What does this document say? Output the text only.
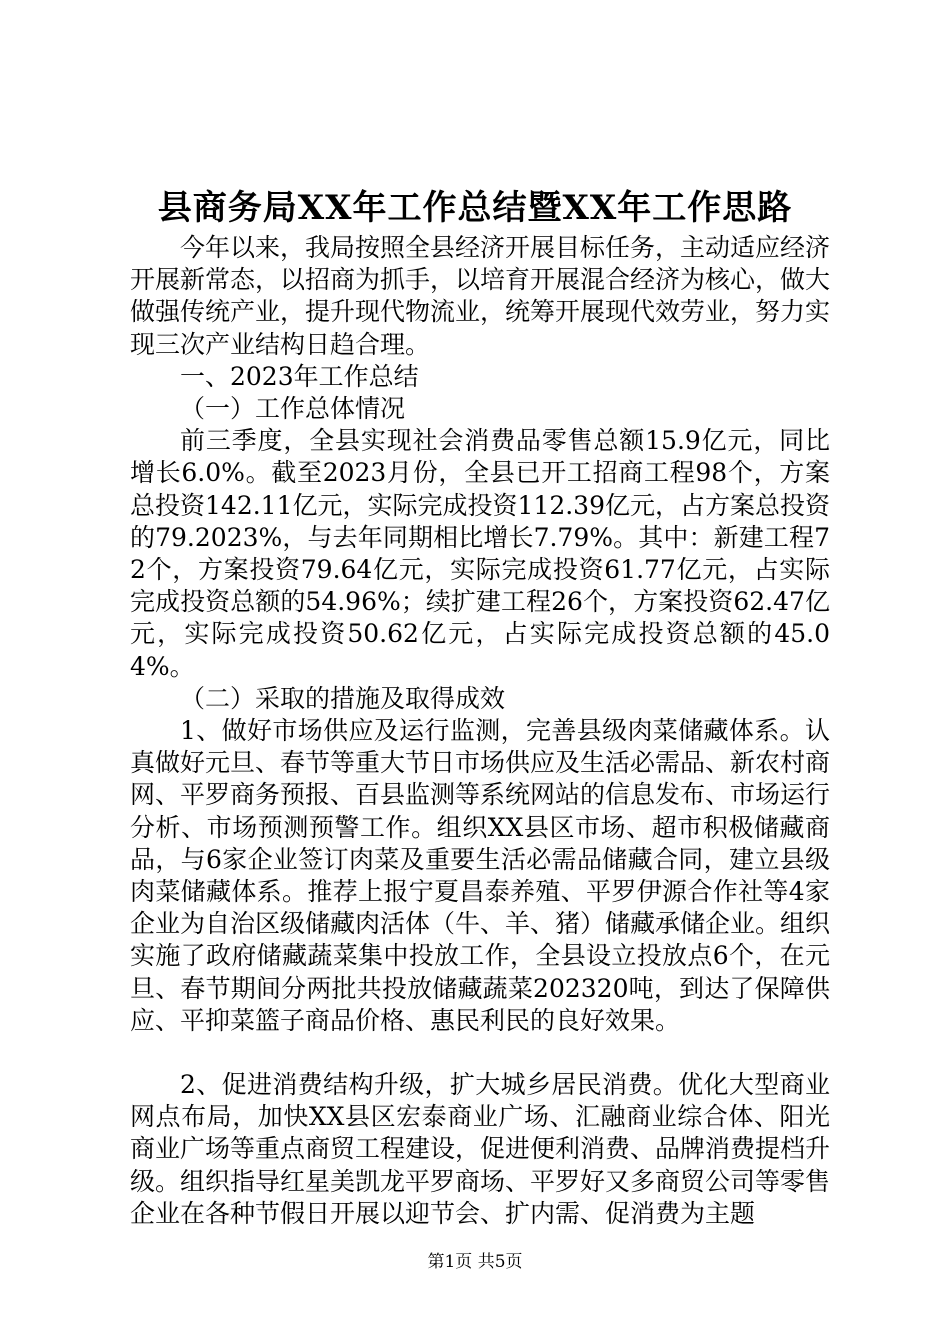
县商务局XX年工作总结暨XX年工作思路

今年以来，我局按照全县经济开展目标任务，主动适应经济开展新常态，以招商为抓手，以培育开展混合经济为核心，做大做强传统产业，提升现代物流业，统筹开展现代效劳业，努力实现三次产业结构日趋合理。

一、2023年工作总结

（一）工作总体情况

前三季度，全县实现社会消费品零售总额15.9亿元，同比增长6.0%。截至2023月份，全县已开工招商工程98个，方案总投资142.11亿元，实际完成投资112.39亿元，占方案总投资的79.2023%，与去年同期相比增长7.79%。其中：新建工程72个，方案投资79.64亿元，实际完成投资61.77亿元，占实际完成投资总额的54.96%；续扩建工程26个，方案投资62.47亿元，实际完成投资50.62亿元，占实际完成投资总额的45.04%。

（二）采取的措施及取得成效

1、做好市场供应及运行监测，完善县级肉菜储藏体系。认真做好元旦、春节等重大节日市场供应及生活必需品、新农村商网、平罗商务预报、百县监测等系统网站的信息发布、市场运行分析、市场预测预警工作。组织XX县区市场、超市积极储藏商品，与6家企业签订肉菜及重要生活必需品储藏合同，建立县级肉菜储藏体系。推荐上报宁夏昌泰养殖、平罗伊源合作社等4家企业为自治区级储藏肉活体（牛、羊、猪）储藏承储企业。组织实施了政府储藏蔬菜集中投放工作，全县设立投放点6个，在元旦、春节期间分两批共投放储藏蔬菜202320吨，到达了保障供应、平抑菜篮子商品价格、惠民利民的良好效果。

2、促进消费结构升级，扩大城乡居民消费。优化大型商业网点布局，加快XX县区宏泰商业广场、汇融商业综合体、阳光商业广场等重点商贸工程建设，促进便利消费、品牌消费提档升级。组织指导红星美凯龙平罗商场、平罗好又多商贸公司等零售企业在各种节假日开展以迎节会、扩内需、促消费为主题

第1页 共5页
